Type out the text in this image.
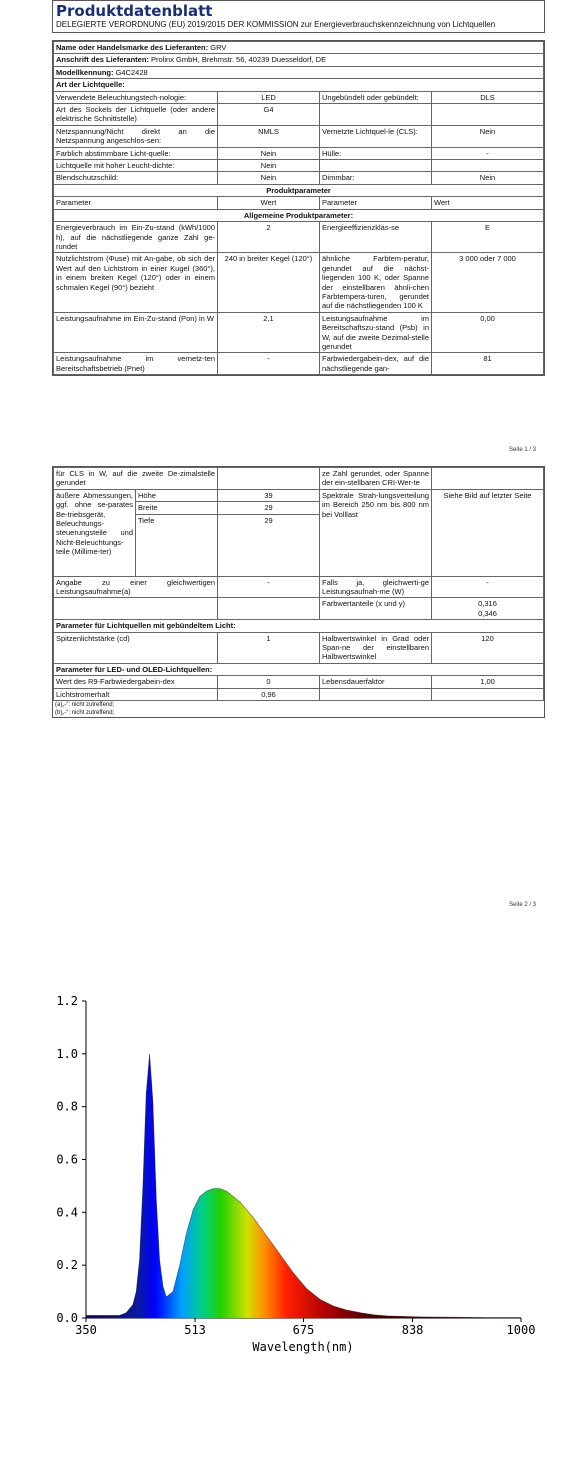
Produktdatenblatt
DELEGIERTE VERORDNUNG (EU) 2019/2015 DER KOMMISSION zur Energieverbrauchskennzeichnung von Lichtquellen
Name oder Handelsmarke des Lieferanten: GRV			
Anschrift des Lieferanten: Prolinx GmbH, Brehmstr. 56, 40239 Duesseldorf, DE			
Modellkennung: G4C2428			
Art der Lichtquelle:			
Verwendete Beleuchtungstech-nologie:	LED	Ungebündelt oder gebündelt:	DLS
Art des Sockels der Lichtquelle (oder andere elektrische Schnittstelle)	G4		
Netzspannung/Nicht direkt an die Netzspannung angeschlos-sen:	NMLS	Vernetzte Lichtquel-le (CLS):	Nein
Farblich abstimmbare Licht-quelle:	Nein	Hülle:	-
Lichtquelle mit hoher Leucht-dichte:	Nein		
Blendschutzschild:	Nein	Dimmbar:	Nein
Produktparameter			
Parameter	Wert	Parameter	Wert
Allgemeine Produktparameter:			
Energieverbrauch im Ein-Zu-stand (kWh/1000 h), auf die nächstliegende ganze Zahl ge-rundet	2	Energieeffizienzklas-se	E
Nutzlichtstrom (Φuse) mit An-gabe, ob sich der Wert auf den Lichtstrom in einer Kugel (360°), in einem breiten Kegel (120°) oder in einem schmalen Kegel (90°) bezieht	240 in breiter Kegel (120°)	ähnliche Farbtem-peratur, gerundet auf die nächst-liegenden 100 K, oder Spanne der einstellbaren ähnli-chen Farbtempera-turen, gerundet auf die nächstliegenden 100 K	3 000 oder 7 000
Leistungsaufnahme im Ein-Zu-stand (Pon) in W	2,1	Leistungsaufnahme im Bereitschaftszu-stand (Psb) in W, auf die zweite Dezimal-stelle gerundet	0,00
Leistungsaufnahme im vernetz-ten Bereitschaftsbetrieb (Pnet)	-	Farbwiedergabein-dex, auf die nächstliegende gan-	81
Seite 1 / 3
für CLS in W, auf die zweite De-zimalstelle gerundet			ze Zahl gerundet, oder Spanne der ein-stellbaren CRI-Wer-te	
äußere Abmessungen, ggf. ohne se-parates Be-triebsgerät, Beleuchtungs-steuerungsteile und Nicht-Beleuchtungs-teile (Millime-ter)	Höhe	39	Spektrale Strah-lungsverteilung im Bereich 250 nm bis 800 nm bei Volllast	Siehe Bild auf letzter Seite
	Breite	29		
	Tiefe	29		
Angabe zu einer gleichwertigen Leistungsaufnahme(a)		-	Falls ja, gleichwerti-ge Leistungsaufnah-me (W)	-
			Farbwertanteile (x und y)	0,316
0,346
Parameter für Lichtquellen mit gebündeltem Licht:				
Spitzenlichtstärke (cd)		1	Halbwertswinkel in Grad oder Span-ne der einstellbaren Halbwertswinkel	120
Parameter für LED- und OLED-Lichtquellen:				
Wert des R9-Farbwiedergabein-dex		0	Lebensdauerfaktor	1,00
Lichtstromerhalt		0,96		
(a)„-“: nicht zutreffend;
(b)„-“: nicht zutreffend;
Seite 2 / 3
0.0
0.2
0.4
0.6
0.8
1.0
1.2
350	513	675	838	1000
Wavelength(nm)
